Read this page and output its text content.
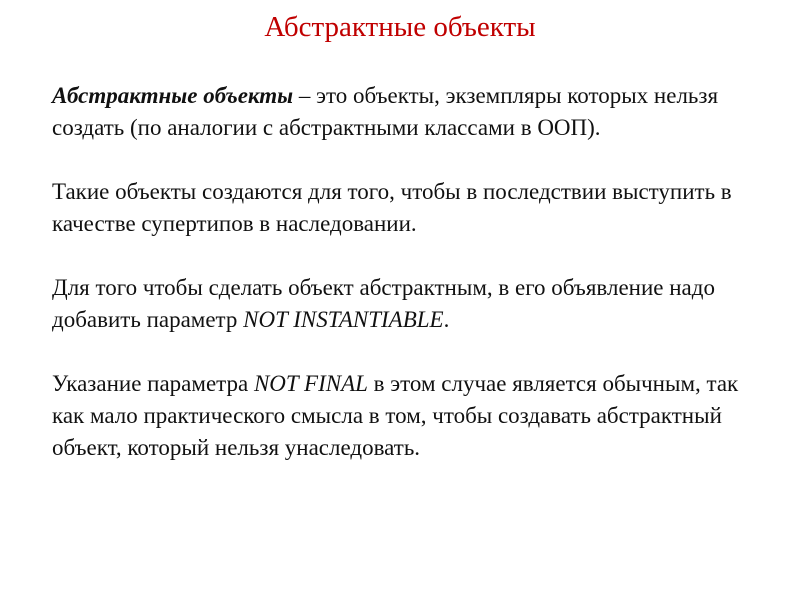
Абстрактные объекты

Абстрактные объекты – это объекты, экземпляры которых нельзя создать (по аналогии с абстрактными классами в ООП).

Такие объекты создаются для того, чтобы в последствии выступить в качестве супертипов в наследовании.

Для того чтобы сделать объект абстрактным, в его объявление надо добавить параметр NOT INSTANTIABLE.

Указание параметра NOT FINAL в этом случае является обычным, так как мало практического смысла в том, чтобы создавать абстрактный объект, который нельзя унаследовать.
